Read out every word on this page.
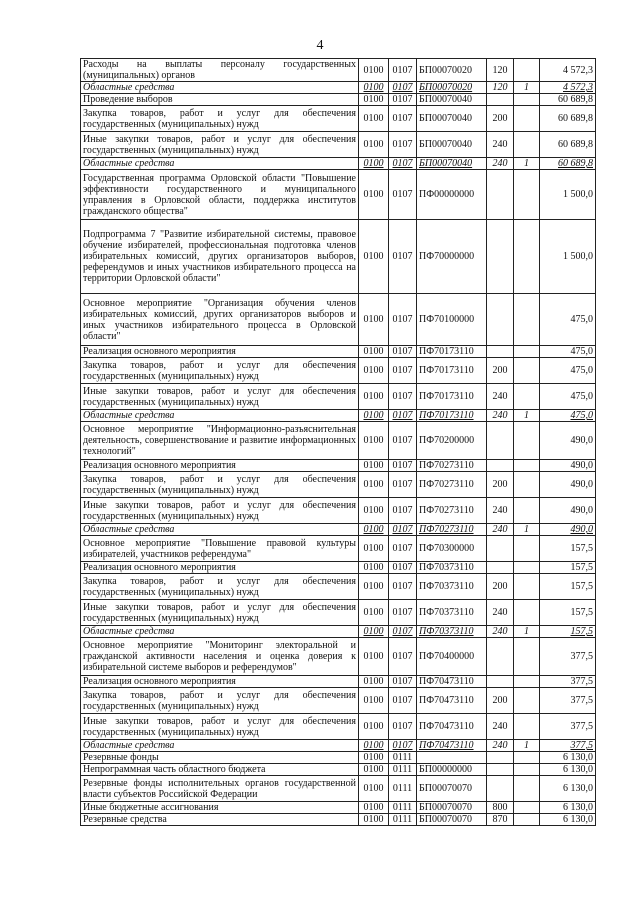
4
Расходы на выплаты персоналу государственных (муниципальных) органов	0100	0107	БП00070020	120		4 572,3
Областные средства	0100	0107	БП00070020	120	1	4 572,3
Проведение выборов	0100	0107	БП00070040			60 689,8
Закупка товаров, работ и услуг для обеспечения государственных (муниципальных) нужд	0100	0107	БП00070040	200		60 689,8
Иные закупки товаров, работ и услуг для обеспечения государственных (муниципальных) нужд	0100	0107	БП00070040	240		60 689,8
Областные средства	0100	0107	БП00070040	240	1	60 689,8
Государственная программа Орловской области "Повышение эффективности государственного и муниципального управления в Орловской области, поддержка институтов гражданского общества"	0100	0107	ПФ00000000			1 500,0
Подпрограмма 7 "Развитие избирательной системы, правовое обучение избирателей, профессиональная подготовка членов избирательных комиссий, других организаторов выборов, референдумов и иных участников избирательного процесса на территории Орловской области"	0100	0107	ПФ70000000			1 500,0
Основное мероприятие "Организация обучения членов избирательных комиссий, других организаторов выборов и иных участников избирательного процесса в Орловской области"	0100	0107	ПФ70100000			475,0
Реализация основного мероприятия	0100	0107	ПФ70173110			475,0
Закупка товаров, работ и услуг для обеспечения государственных (муниципальных) нужд	0100	0107	ПФ70173110	200		475,0
Иные закупки товаров, работ и услуг для обеспечения государственных (муниципальных) нужд	0100	0107	ПФ70173110	240		475,0
Областные средства	0100	0107	ПФ70173110	240	1	475,0
Основное мероприятие "Информационно-разъяснительная деятельность, совершенствование и развитие информационных технологий"	0100	0107	ПФ70200000			490,0
Реализация основного мероприятия	0100	0107	ПФ70273110			490,0
Закупка товаров, работ и услуг для обеспечения государственных (муниципальных) нужд	0100	0107	ПФ70273110	200		490,0
Иные закупки товаров, работ и услуг для обеспечения государственных (муниципальных) нужд	0100	0107	ПФ70273110	240		490,0
Областные средства	0100	0107	ПФ70273110	240	1	490,0
Основное мероприятие "Повышение правовой культуры избирателей, участников референдума"	0100	0107	ПФ70300000			157,5
Реализация основного мероприятия	0100	0107	ПФ70373110			157,5
Закупка товаров, работ и услуг для обеспечения государственных (муниципальных) нужд	0100	0107	ПФ70373110	200		157,5
Иные закупки товаров, работ и услуг для обеспечения государственных (муниципальных) нужд	0100	0107	ПФ70373110	240		157,5
Областные средства	0100	0107	ПФ70373110	240	1	157,5
Основное мероприятие "Мониторинг электоральной и гражданской активности населения и оценка доверия к избирательной системе выборов и референдумов"	0100	0107	ПФ70400000			377,5
Реализация основного мероприятия	0100	0107	ПФ70473110			377,5
Закупка товаров, работ и услуг для обеспечения государственных (муниципальных) нужд	0100	0107	ПФ70473110	200		377,5
Иные закупки товаров, работ и услуг для обеспечения государственных (муниципальных) нужд	0100	0107	ПФ70473110	240		377,5
Областные средства	0100	0107	ПФ70473110	240	1	377,5
Резервные фонды	0100	0111				6 130,0
Непрограммная часть областного бюджета	0100	0111	БП00000000			6 130,0
Резервные фонды исполнительных органов государственной власти субъектов Российской Федерации	0100	0111	БП00070070			6 130,0
Иные бюджетные ассигнования	0100	0111	БП00070070	800		6 130,0
Резервные средства	0100	0111	БП00070070	870		6 130,0
